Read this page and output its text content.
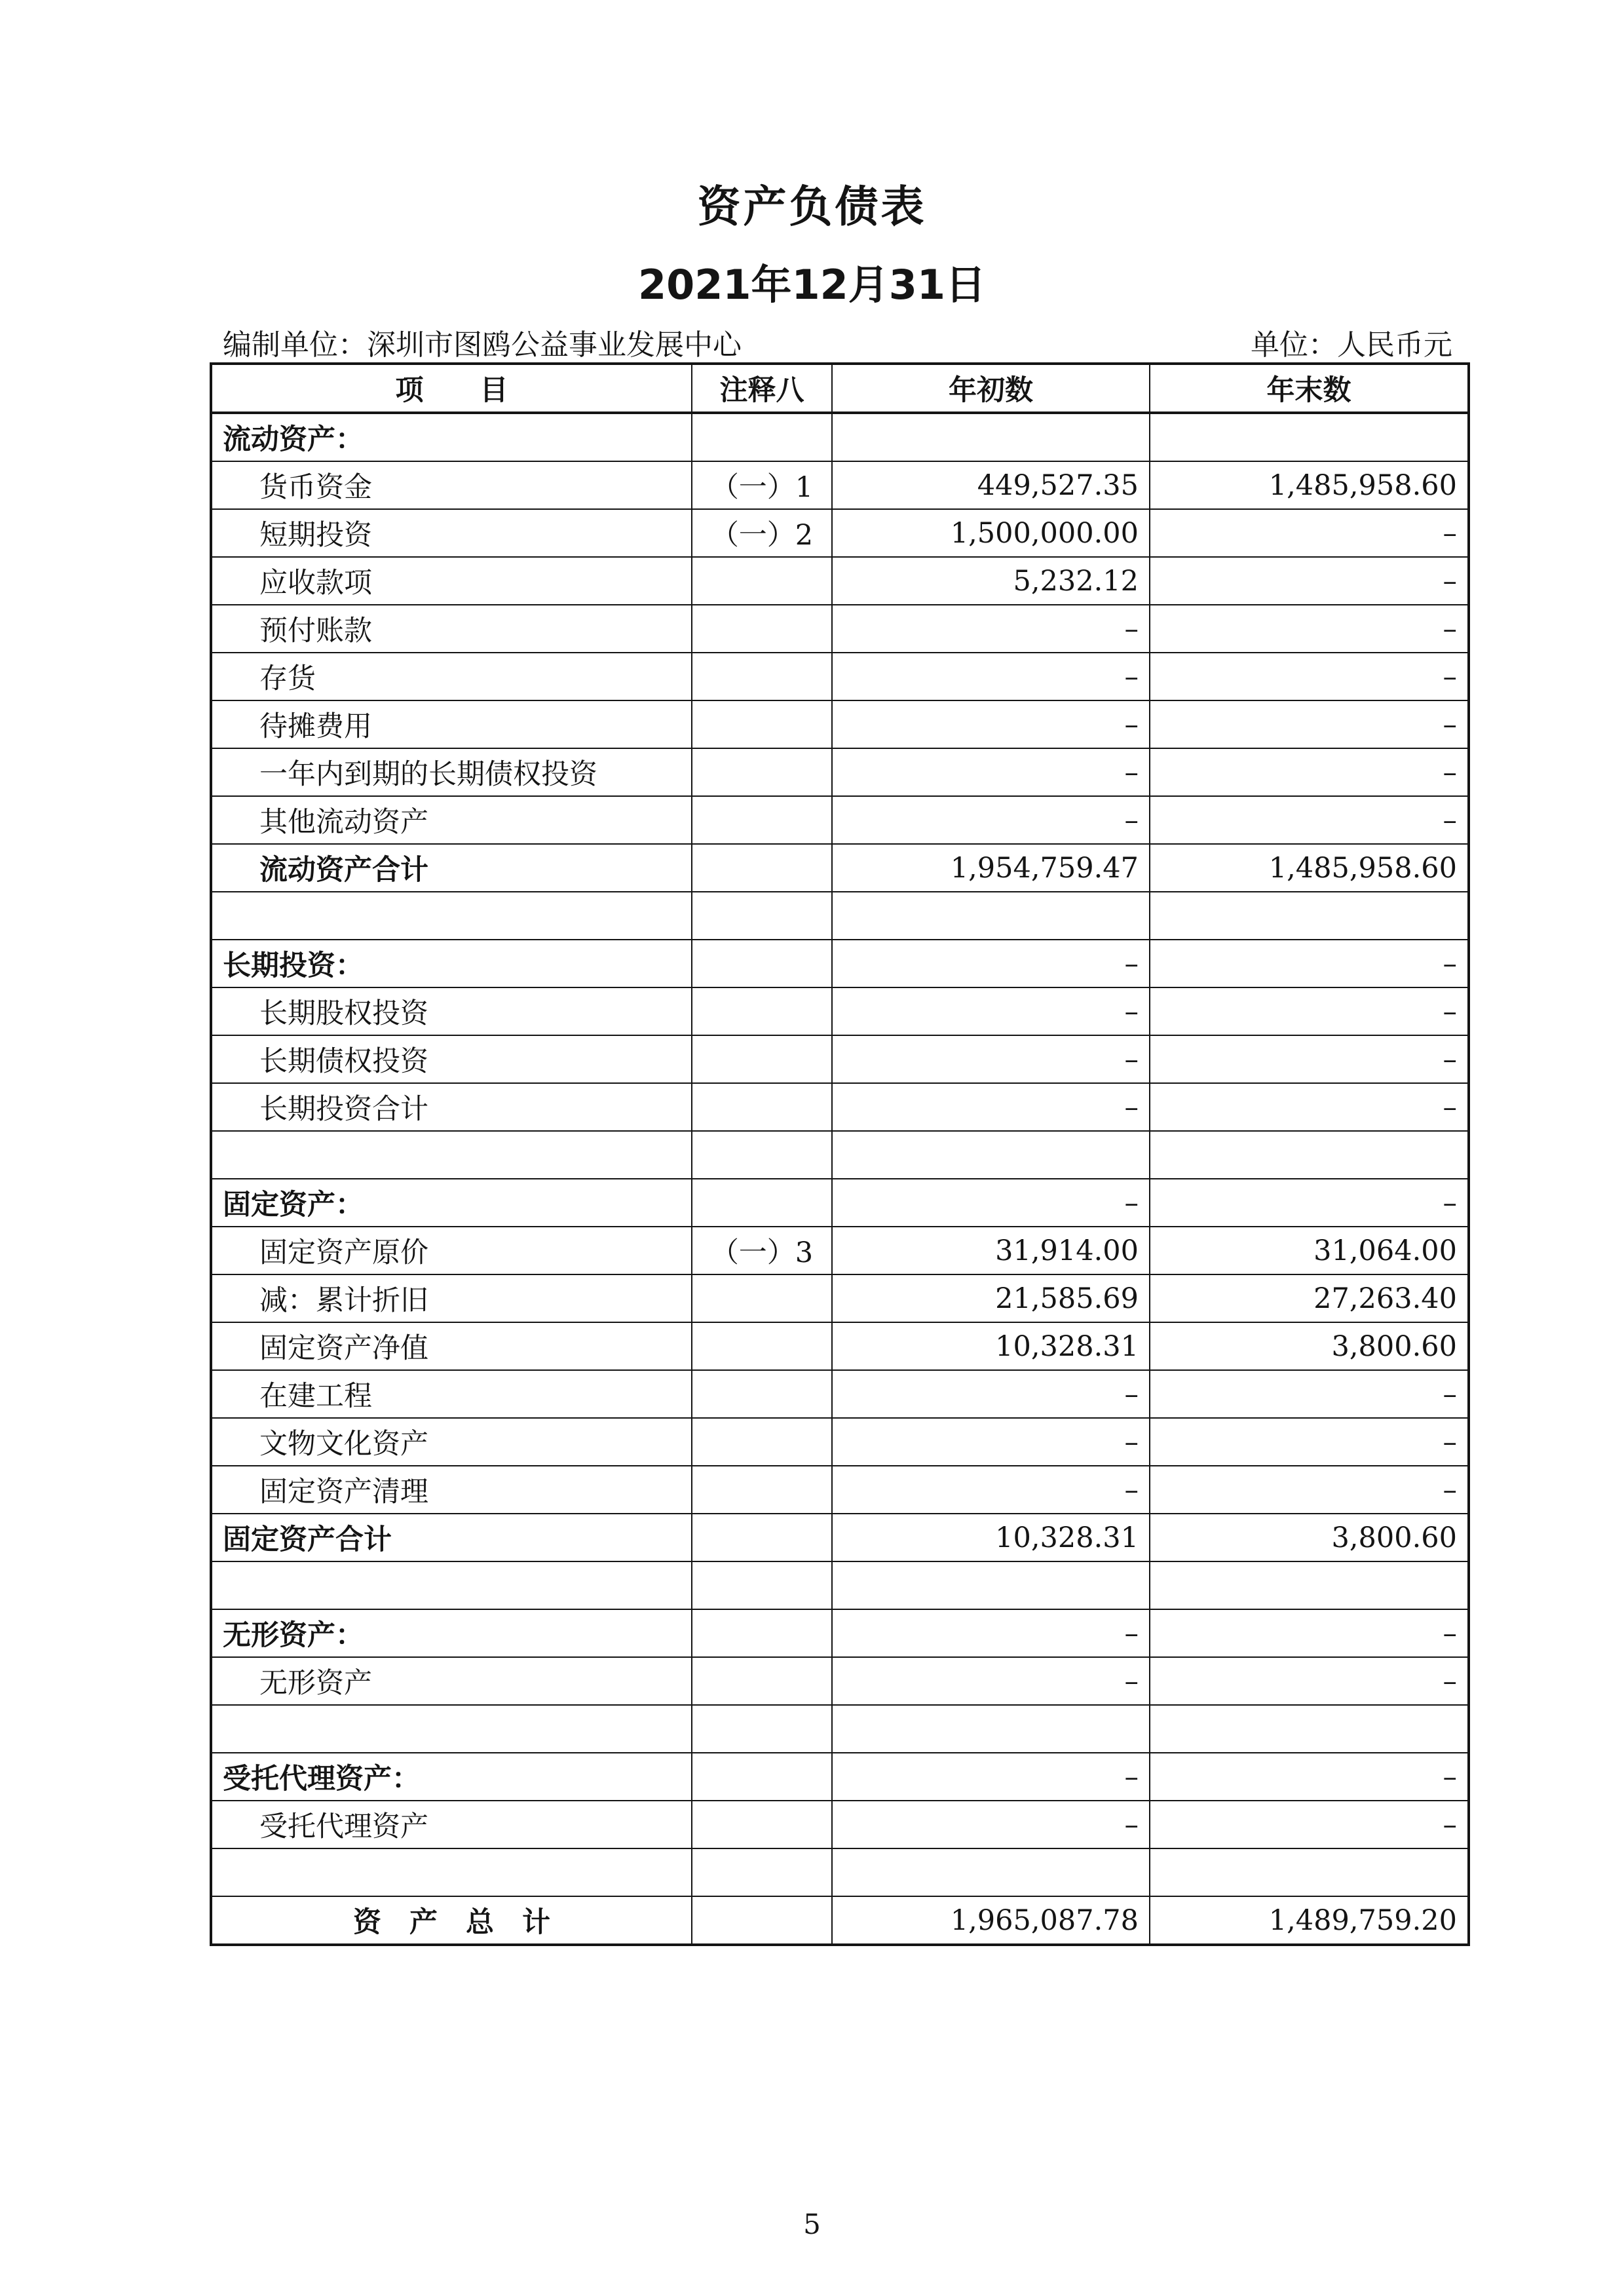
资产负债表
2021年12月31日
编制单位：深圳市图鸥公益事业发展中心	单位：人民币元
项　　目	注释八	年初数	年末数
流动资产：			
货币资金	（一）1	449,527.35	1,485,958.60
短期投资	（一）2	1,500,000.00	–
应收款项		5,232.12	–
预付账款		–	–
存货		–	–
待摊费用		–	–
一年内到期的长期债权投资		–	–
其他流动资产		–	–
流动资产合计		1,954,759.47	1,485,958.60

长期投资：		–	–
长期股权投资		–	–
长期债权投资		–	–
长期投资合计		–	–

固定资产：		–	–
固定资产原价	（一）3	31,914.00	31,064.00
减：累计折旧		21,585.69	27,263.40
固定资产净值		10,328.31	3,800.60
在建工程		–	–
文物文化资产		–	–
固定资产清理		–	–
固定资产合计		10,328.31	3,800.60

无形资产：		–	–
无形资产		–	–

受托代理资产：		–	–
受托代理资产		–	–

资　产　总　计		1,965,087.78	1,489,759.20
5
